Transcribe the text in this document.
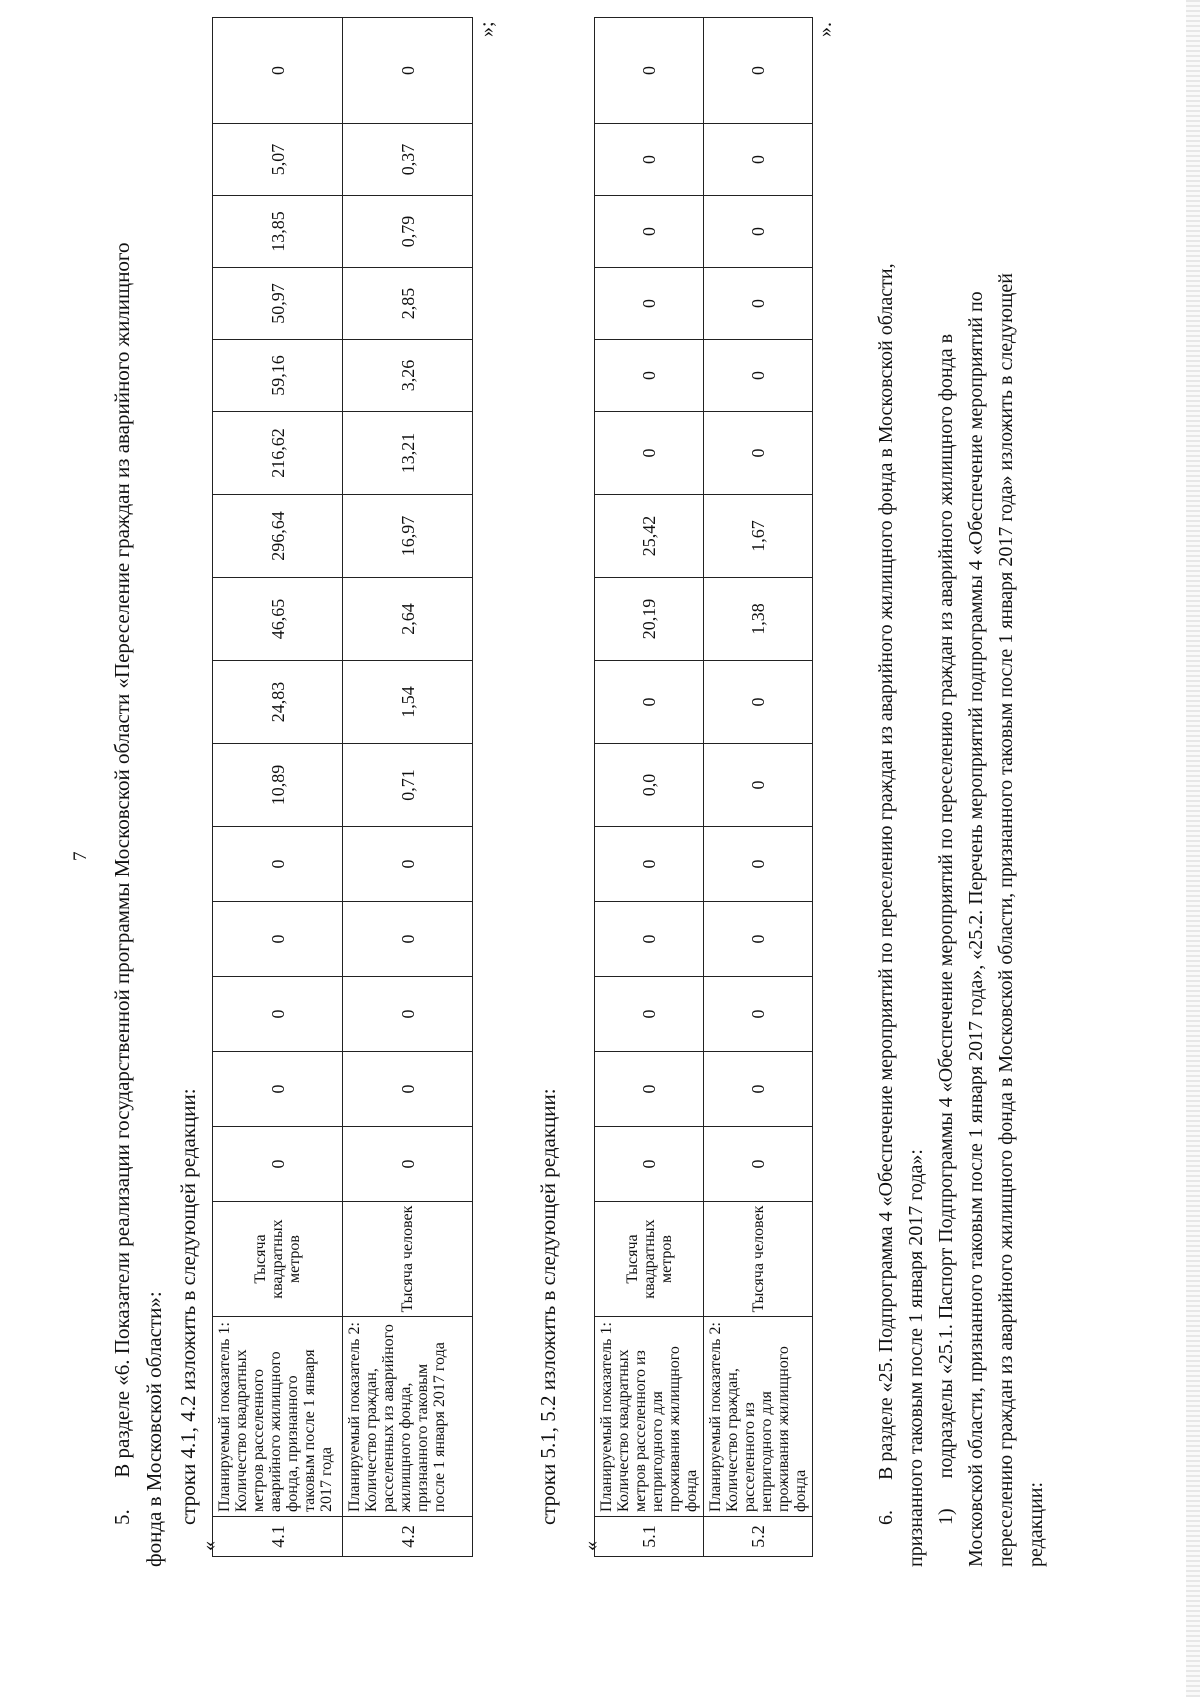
7 5.      В разделе «6. Показатели реализации государственной программы Московской области «Переселение граждан из аварийного жилищного фонда в Московской области»: строки 4.1, 4.2 изложить в следующей редакции:
«	4.1	Планируемый показатель 1: Количество квадратных метров расселенного аварийного жилищного фонда, признанного таковым после 1 января 2017 года	Тысяча квадратных метров	0	0	0	0	0	10,89	24,83	46,65	296,64	216,62	59,16	50,97	13,85	5,07	0
4.2	Планируемый показатель 2: Количество граждан, расселенных из аварийного жилищного фонда, признанного таковым после 1 января 2017 года	Тысяча человек	0	0	0	0	0	0,71	1,54	2,64	16,97	13,21	3,26	2,85	0,79	0,37	0
»;
строки 5.1, 5.2 изложить в следующей редакции:
« 5.1	Планируемый показатель 1: Количество квадратных метров расселенного из непригодного для проживания жилищного фонда	Тысяча квадратных метров	0	0	0	0	0	0,0	0	20,19	25,42	0	0	0	0	0	0
5.2	Планируемый показатель 2: Количество граждан, расселенного из непригодного для проживания жилищного фонда	Тысяча человек	0	0	0	0	0	0	0	1,38	1,67	0	0	0	0	0	0
».
6.      В разделе «25. Подпрограмма 4 «Обеспечение мероприятий по переселению граждан из аварийного жилищного фонда в Московской области, признанного таковым после 1 января 2017 года»: 1)      подразделы «25.1. Паспорт Подпрограммы 4 «Обеспечение мероприятий по переселению граждан из аварийного жилищного фонда в Московской области, признанного таковым после 1 января 2017 года», «25.2. Перечень мероприятий подпрограммы 4 «Обеспечение мероприятий по переселению граждан из аварийного жилищного фонда в Московской области, признанного таковым после 1 января 2017 года» изложить в следующей редакции:
